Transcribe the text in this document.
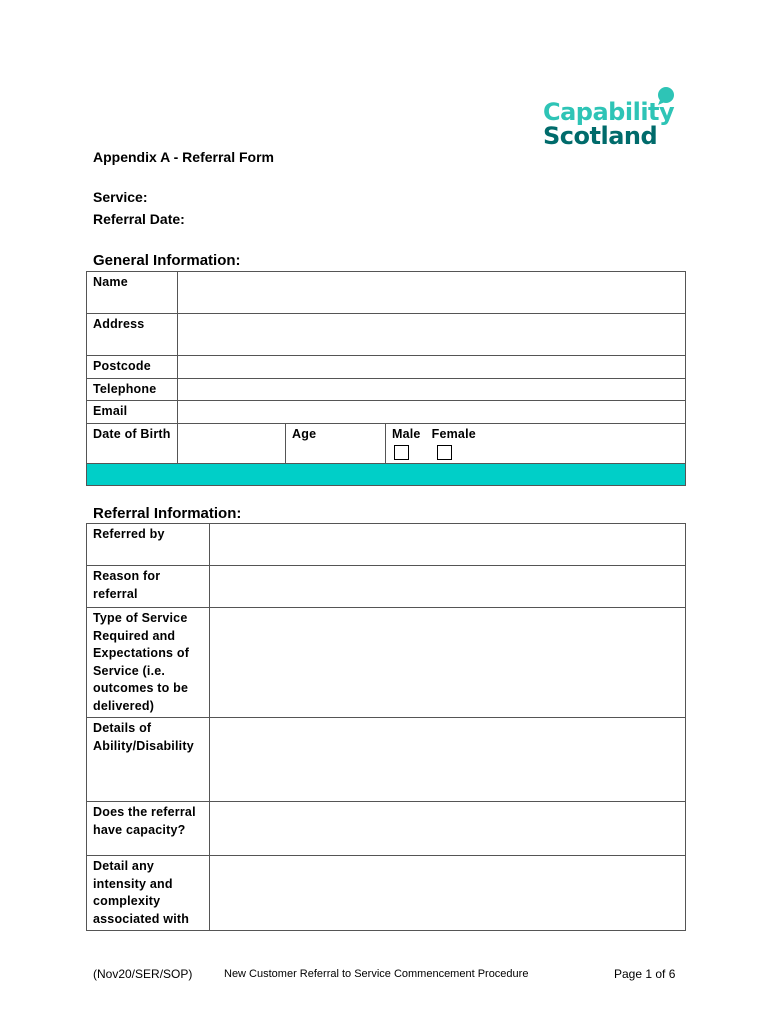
Capability
Scotland
Appendix A - Referral Form
Service:
Referral Date:
General Information:
Name			
Address			
Postcode			
Telephone			
Email			
Date of Birth		Age	Male Female

Referral Information:
Referred by	
Reason for referral	
Type of Service Required and Expectations of Service (i.e. outcomes to be delivered)	
Details of Ability/Disability	
Does the referral have capacity?	
Detail any intensity and complexity associated with	
(Nov20/SER/SOP)	New Customer Referral to Service Commencement Procedure	Page 1 of 6
